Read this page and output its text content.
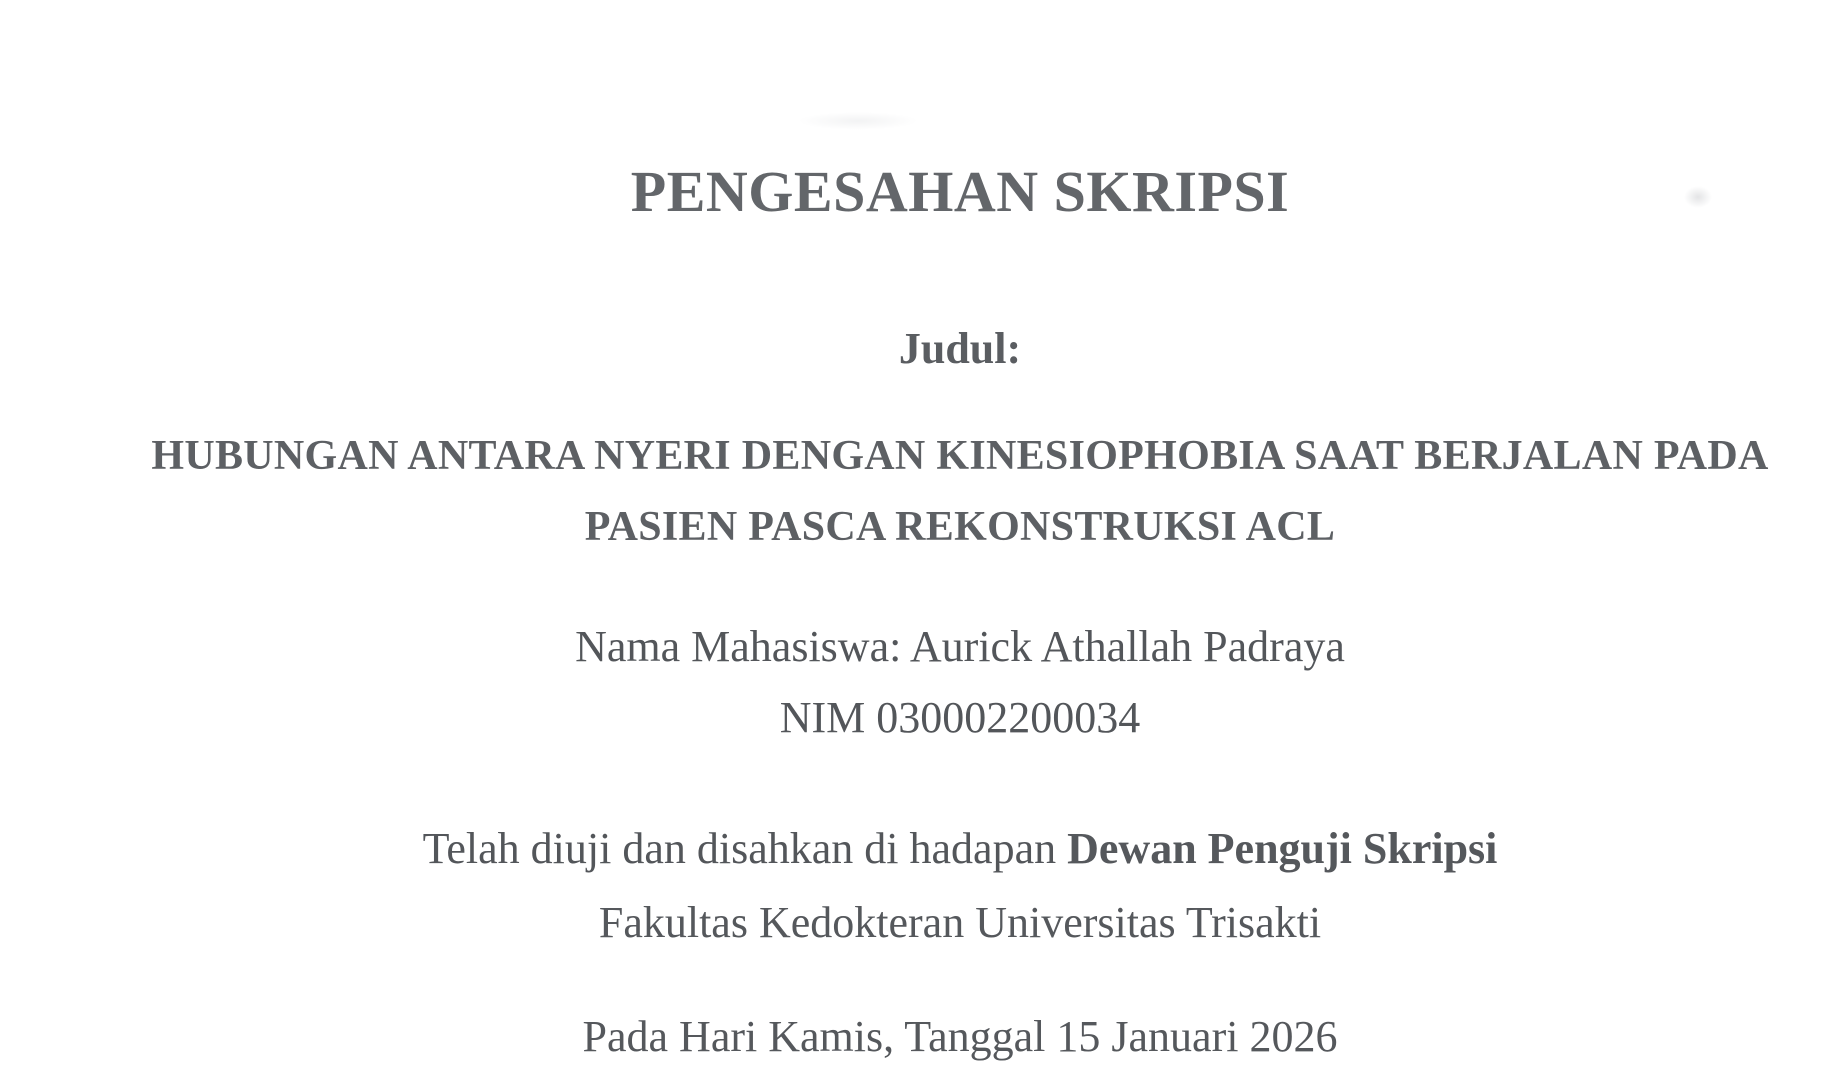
PENGESAHAN SKRIPSI
Judul:
HUBUNGAN ANTARA NYERI DENGAN KINESIOPHOBIA SAAT BERJALAN PADA
PASIEN PASCA REKONSTRUKSI ACL
Nama Mahasiswa: Aurick Athallah Padraya
NIM 030002200034
Telah diuji dan disahkan di hadapan Dewan Penguji Skripsi
Fakultas Kedokteran Universitas Trisakti
Pada Hari Kamis, Tanggal 15 Januari 2026
